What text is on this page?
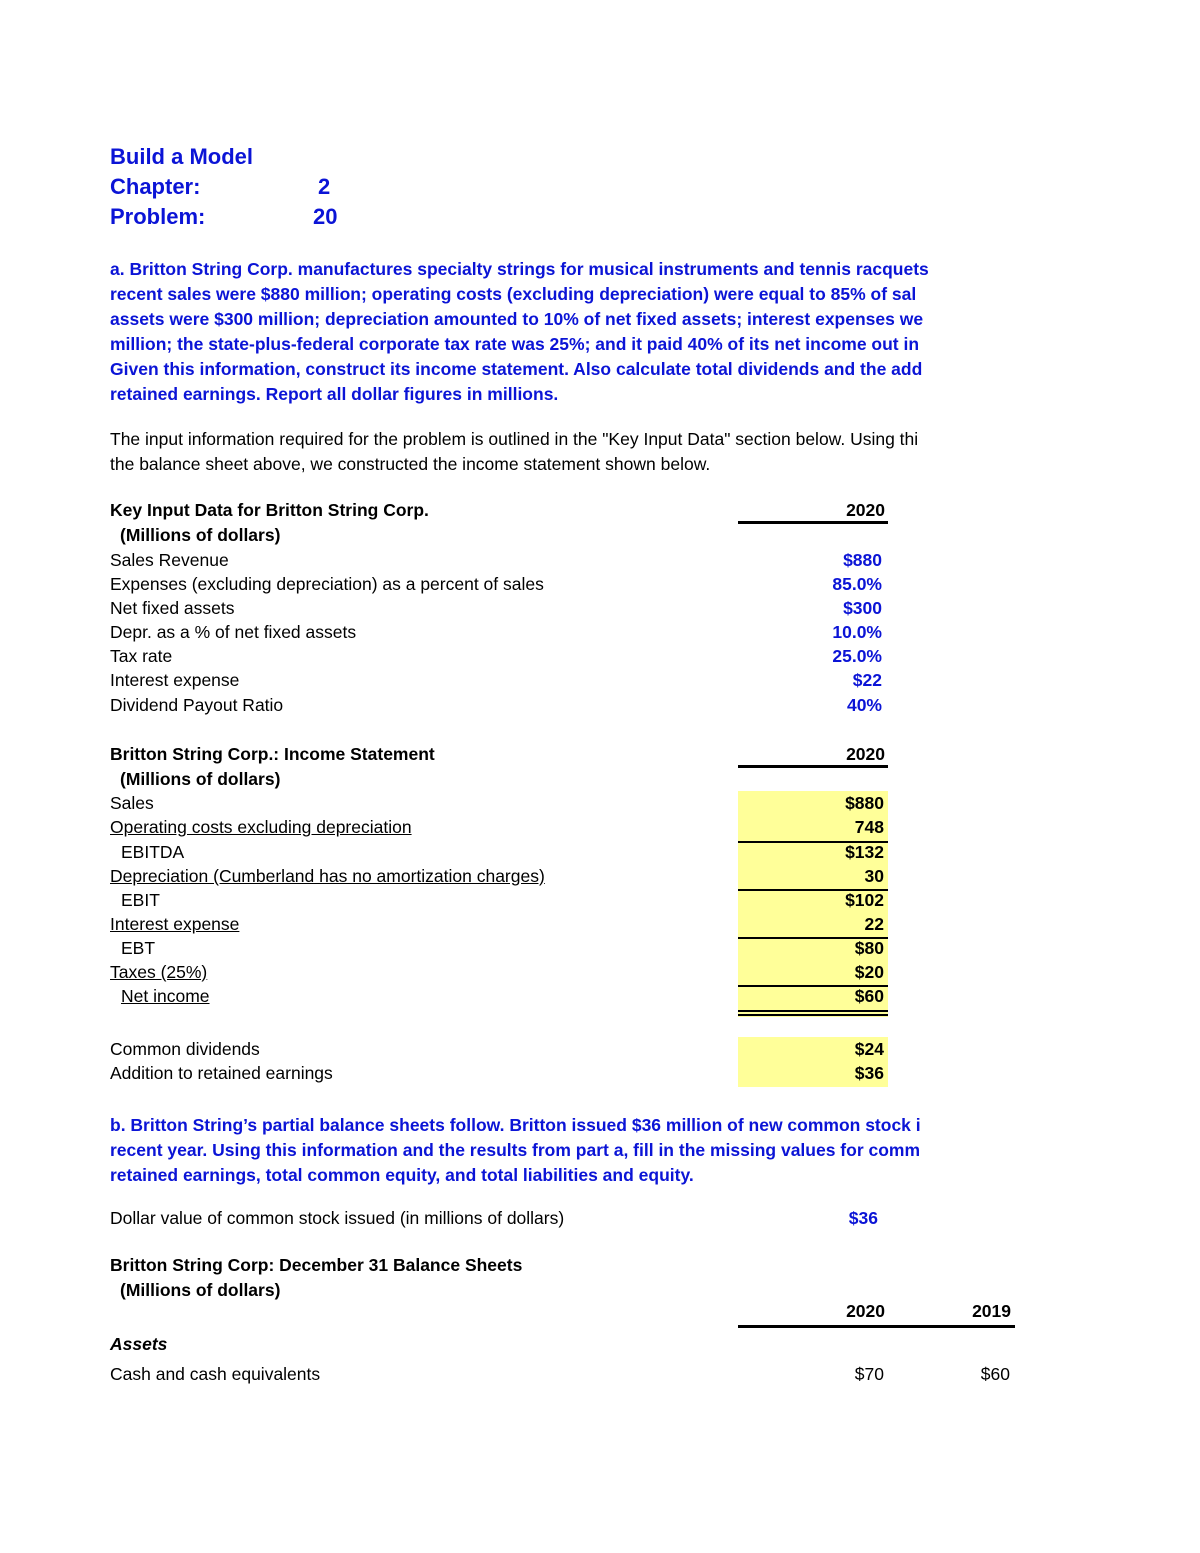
Build a Model
Chapter:	2
Problem:	20
a. Britton String Corp. manufactures specialty strings for musical instruments and tennis racquets
recent sales were $880 million; operating costs (excluding depreciation) were equal to 85% of sal
assets were $300 million; depreciation amounted to 10% of net fixed assets; interest expenses we
million; the state-plus-federal corporate tax rate was 25%; and it paid 40% of its net income out in
Given this information, construct its income statement. Also calculate total dividends and the add
retained earnings. Report all dollar figures in millions.
The input information required for the problem is outlined in the "Key Input Data" section below. Using thi
the balance sheet above, we constructed the income statement shown below.
Key Input Data for Britton String Corp.	2020
(Millions of dollars)
Sales Revenue	$880
Expenses (excluding depreciation) as a percent of sales	85.0%
Net fixed assets	$300
Depr. as a % of net fixed assets	10.0%
Tax rate	25.0%
Interest expense	$22
Dividend Payout Ratio	40%
Britton String Corp.: Income Statement	2020
(Millions of dollars)
Sales	$880
Operating costs excluding depreciation	748
EBITDA	$132
Depreciation (Cumberland has no amortization charges)	30
EBIT	$102
Interest expense	22
EBT	$80
Taxes (25%)	$20
Net income	$60
Common dividends	$24
Addition to retained earnings	$36
b. Britton String’s partial balance sheets follow. Britton issued $36 million of new common stock i
recent year. Using this information and the results from part a, fill in the missing values for comm
retained earnings, total common equity, and total liabilities and equity.
Dollar value of common stock issued (in millions of dollars)	$36
Britton String Corp: December 31 Balance Sheets
(Millions of dollars)
2020	2019
Assets
Cash and cash equivalents	$70	$60
